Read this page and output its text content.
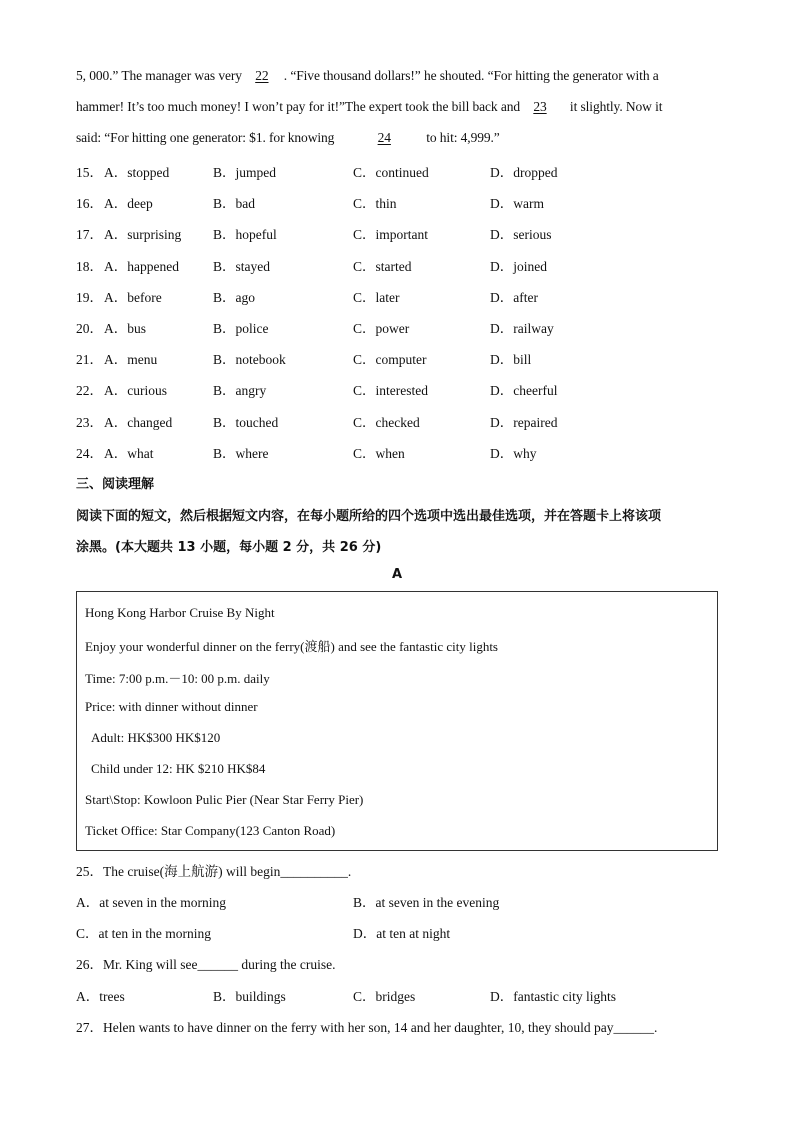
5, 000.” The manager was very 22 . “Five thousand dollars!” he shouted. “For hitting the generator with a
hammer! It’s too much money! I won’t pay for it!”The expert took the bill back and 23 it slightly. Now it
said: “For hitting one generator: $1. for knowing	24	to hit: 4,999.”
15． A．stopped	B．jumped	C．continued	D．dropped
16． A．deep	B．bad	C．thin	D．warm
17． A．surprising B．hopeful	C．important	D．serious
18． A．happened	B．stayed	C．started	D．joined
19． A．before	B．ago	C．later	D．after
20． A．bus	B．police	C．power	D．railway
21． A．menu	B．notebook	C．computer	D．bill
22． A．curious	B．angry	C．interested	D．cheerful
23． A．changed	B．touched	C．checked	D．repaired
24． A．what	B．where	C．when	D．why
三、阅读理解
阅读下面的短文，然后根据短文内容，在每小题所给的四个选项中选出最佳选项，并在答题卡上将该项
涂黑。(本大题共 13 小题，每小题 2 分，共 26 分)
A
Hong Kong Harbor Cruise By Night
Enjoy your wonderful dinner on the ferry(渡船) and see the fantastic city lights
Time: 7:00 p.m.－10: 00 p.m. daily
Price: with dinner without dinner
Adult: HK$300 HK$120
Child under 12: HK $210 HK$84
Start\Stop: Kowloon Pulic Pier (Near Star Ferry Pier)
Ticket Office: Star Company(123 Canton Road)
25．The cruise(海上航游) will begin__________.
A．at seven in the morning	B．at seven in the evening
C．at ten in the morning	D．at ten at night
26．Mr. King will see______ during the cruise.
A．trees	B．buildings	C．bridges	D．fantastic city lights
27．Helen wants to have dinner on the ferry with her son, 14 and her daughter, 10, they should pay______.
